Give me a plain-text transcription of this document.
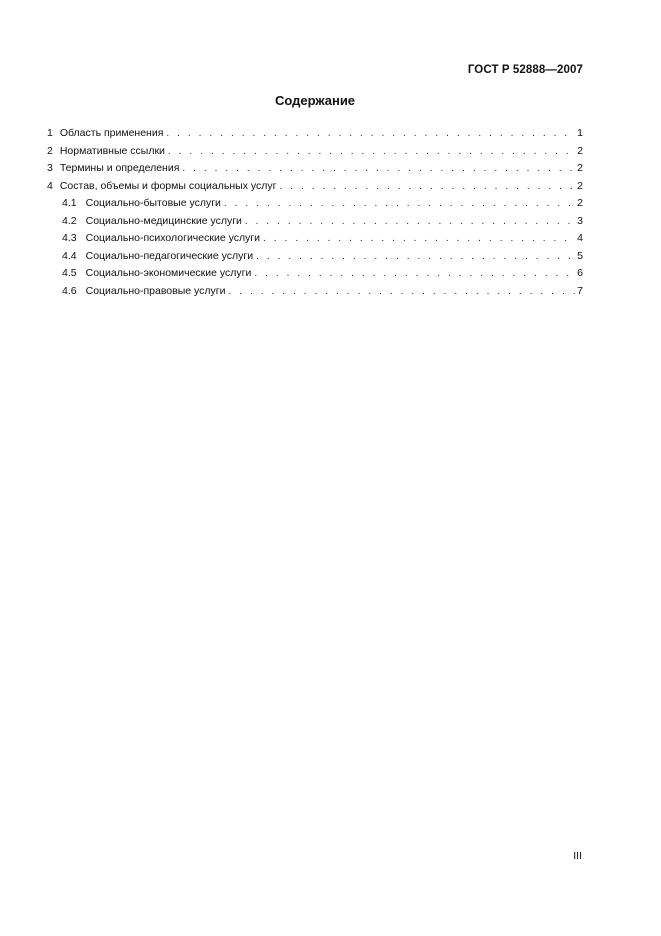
ГОСТ Р 52888—2007
Содержание
1 Область применения . . .	1
2 Нормативные ссылки . . .	2
3 Термины и определения . . .	2
4 Состав, объемы и формы социальных услуг . . .	2
4.1 Социально-бытовые услуги . . .	2
4.2 Социально-медицинские услуги . . .	3
4.3 Социально-психологические услуги . . .	4
4.4 Социально-педагогические услуги . . .	5
4.5 Социально-экономические услуги . . .	6
4.6 Социально-правовые услуги . . .	7
III
